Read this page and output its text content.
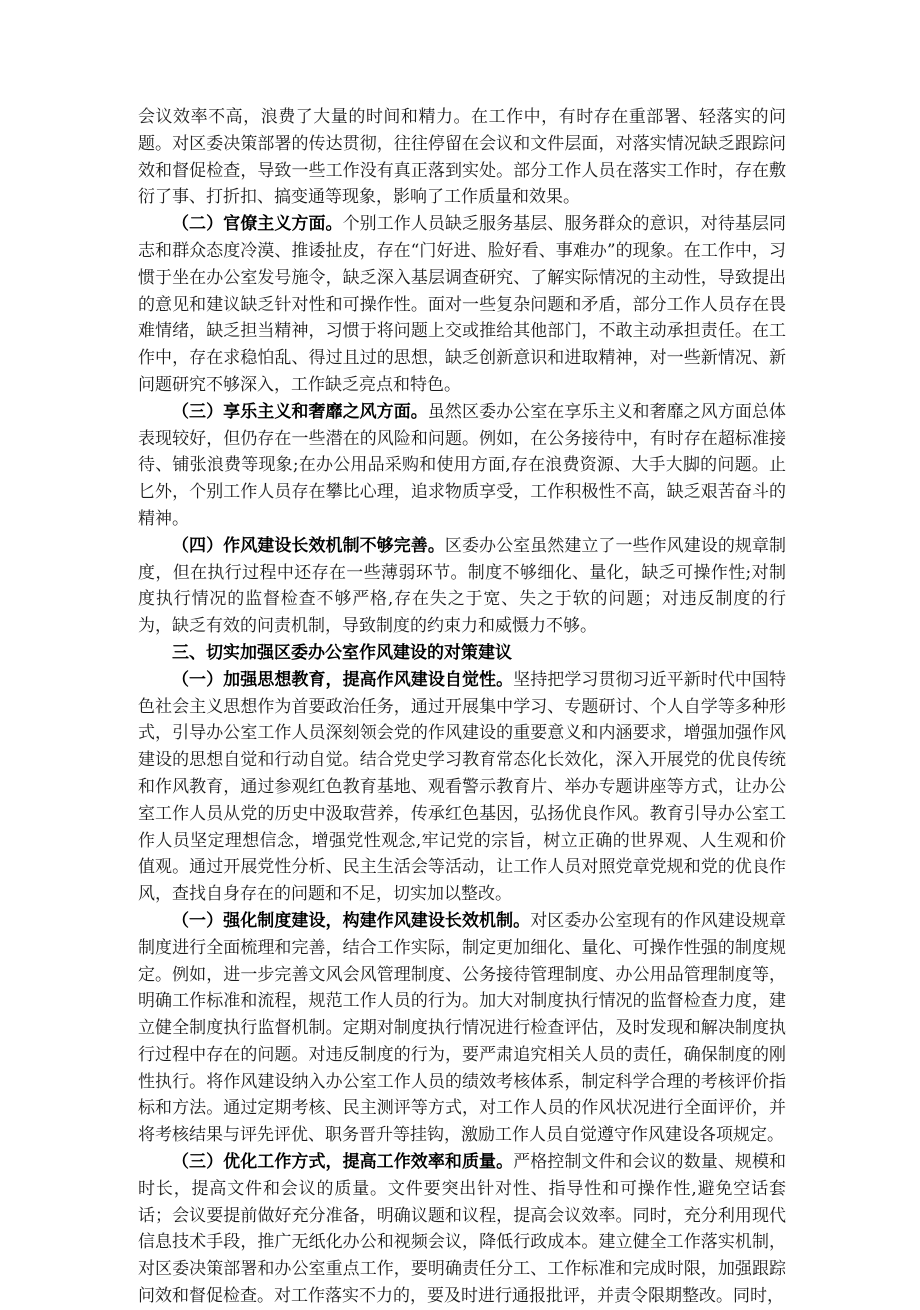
会议效率不高，浪费了大量的时间和精力。在工作中，有时存在重部署、轻落实的问题。对区委决策部署的传达贯彻，往往停留在会议和文件层面，对落实情况缺乏跟踪问效和督促检查，导致一些工作没有真正落到实处。部分工作人员在落实工作时，存在敷衍了事、打折扣、搞变通等现象，影响了工作质量和效果。

（二）官僚主义方面。个别工作人员缺乏服务基层、服务群众的意识，对待基层同志和群众态度冷漠、推诿扯皮，存在“门好进、脸好看、事难办”的现象。在工作中，习惯于坐在办公室发号施令，缺乏深入基层调查研究、了解实际情况的主动性，导致提出的意见和建议缺乏针对性和可操作性。面对一些复杂问题和矛盾，部分工作人员存在畏难情绪，缺乏担当精神，习惯于将问题上交或推给其他部门，不敢主动承担责任。在工作中，存在求稳怕乱、得过且过的思想，缺乏创新意识和进取精神，对一些新情况、新问题研究不够深入，工作缺乏亮点和特色。

（三）享乐主义和奢靡之风方面。虽然区委办公室在享乐主义和奢靡之风方面总体表现较好，但仍存在一些潜在的风险和问题。例如，在公务接待中，有时存在超标准接待、铺张浪费等现象;在办公用品采购和使用方面,存在浪费资源、大手大脚的问题。止匕外，个别工作人员存在攀比心理，追求物质享受，工作积极性不高，缺乏艰苦奋斗的精神。

（四）作风建设长效机制不够完善。区委办公室虽然建立了一些作风建设的规章制度，但在执行过程中还存在一些薄弱环节。制度不够细化、量化，缺乏可操作性;对制度执行情况的监督检查不够严格,存在失之于宽、失之于软的问题；对违反制度的行为，缺乏有效的问责机制，导致制度的约束力和威慑力不够。

三、切实加强区委办公室作风建设的对策建议

（一）加强思想教育，提高作风建设自觉性。坚持把学习贯彻习近平新时代中国特色社会主义思想作为首要政治任务，通过开展集中学习、专题研讨、个人自学等多种形式，引导办公室工作人员深刻领会党的作风建设的重要意义和内涵要求，增强加强作风建设的思想自觉和行动自觉。结合党史学习教育常态化长效化，深入开展党的优良传统和作风教育，通过参观红色教育基地、观看警示教育片、举办专题讲座等方式，让办公室工作人员从党的历史中汲取营养，传承红色基因，弘扬优良作风。教育引导办公室工作人员坚定理想信念，增强党性观念,牢记党的宗旨，树立正确的世界观、人生观和价值观。通过开展党性分析、民主生活会等活动，让工作人员对照党章党规和党的优良作风，查找自身存在的问题和不足，切实加以整改。

（一）强化制度建设，构建作风建设长效机制。对区委办公室现有的作风建设规章制度进行全面梳理和完善，结合工作实际，制定更加细化、量化、可操作性强的制度规定。例如，进一步完善文风会风管理制度、公务接待管理制度、办公用品管理制度等，明确工作标准和流程，规范工作人员的行为。加大对制度执行情况的监督检查力度，建立健全制度执行监督机制。定期对制度执行情况进行检查评估，及时发现和解决制度执行过程中存在的问题。对违反制度的行为，要严肃追究相关人员的责任，确保制度的刚性执行。将作风建设纳入办公室工作人员的绩效考核体系，制定科学合理的考核评价指标和方法。通过定期考核、民主测评等方式，对工作人员的作风状况进行全面评价，并将考核结果与评先评优、职务晋升等挂钩，激励工作人员自觉遵守作风建设各项规定。

（三）优化工作方式，提高工作效率和质量。严格控制文件和会议的数量、规模和时长，提高文件和会议的质量。文件要突出针对性、指导性和可操作性,避免空话套话；会议要提前做好充分准备，明确议题和议程，提高会议效率。同时，充分利用现代信息技术手段，推广无纸化办公和视频会议，降低行政成本。建立健全工作落实机制，对区委决策部署和办公室重点工作，要明确责任分工、工作标准和完成时限，加强跟踪问效和督促检查。对工作落实不力的，要及时进行通报批评，并责令限期整改。同时，
